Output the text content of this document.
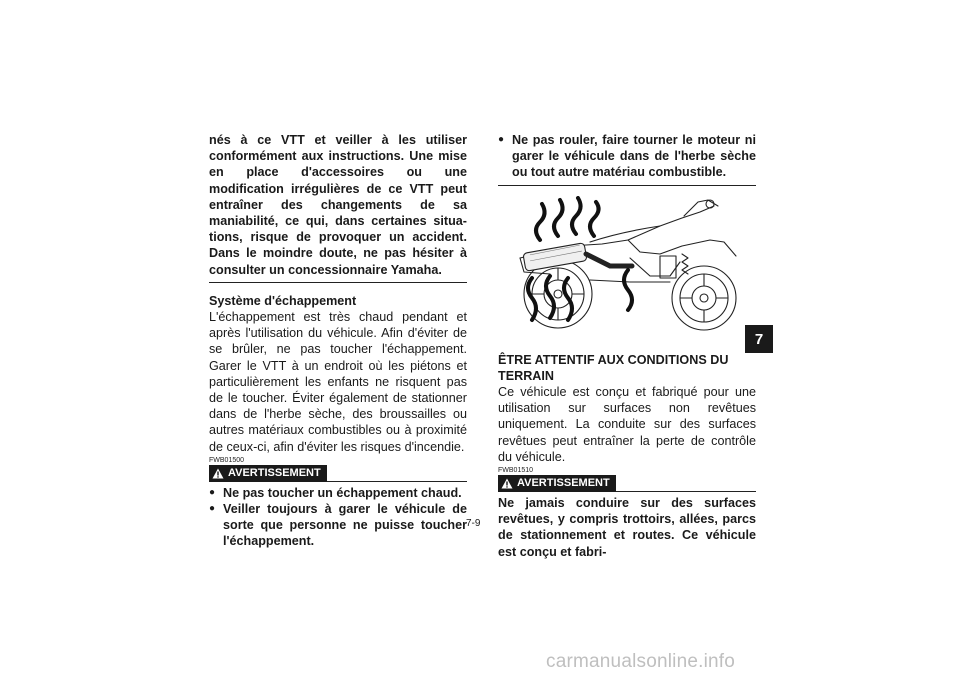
nés à ce VTT et veiller à les utiliser conformément aux instructions. Une mise en place d'accessoires ou une modification irrégulières de ce VTT peut entraîner des changements de sa maniabilité, ce qui, dans certaines situations, risque de provoquer un accident. Dans le moindre doute, ne pas hésiter à consulter un concessionnaire Yamaha.
Système d'échappement
L'échappement est très chaud pendant et après l'utilisation du véhicule. Afin d'éviter de se brûler, ne pas toucher l'échappement. Garer le VTT à un endroit où les piétons et particulièrement les enfants ne risquent pas de le toucher. Éviter également de stationner dans de l'herbe sèche, des broussailles ou autres matériaux combustibles ou à proximité de ceux-ci, afin d'éviter les risques d'incendie.
FWB01500
AVERTISSEMENT
● Ne pas toucher un échappement chaud.
● Veiller toujours à garer le véhicule de sorte que personne ne puisse toucher l'échappement.
● Ne pas rouler, faire tourner le moteur ni garer le véhicule dans de l'herbe sèche ou tout autre matériau combustible.
ÊTRE ATTENTIF AUX CONDITIONS DU TERRAIN
Ce véhicule est conçu et fabriqué pour une utilisation sur surfaces non revêtues uniquement. La conduite sur des surfaces revêtues peut entraîner la perte de contrôle du véhicule.
FWB01510
AVERTISSEMENT
Ne jamais conduire sur des surfaces revêtues, y compris trottoirs, allées, parcs de stationnement et routes. Ce véhicule est conçu et fabri-
7
7-9
carmanualsonline.info
